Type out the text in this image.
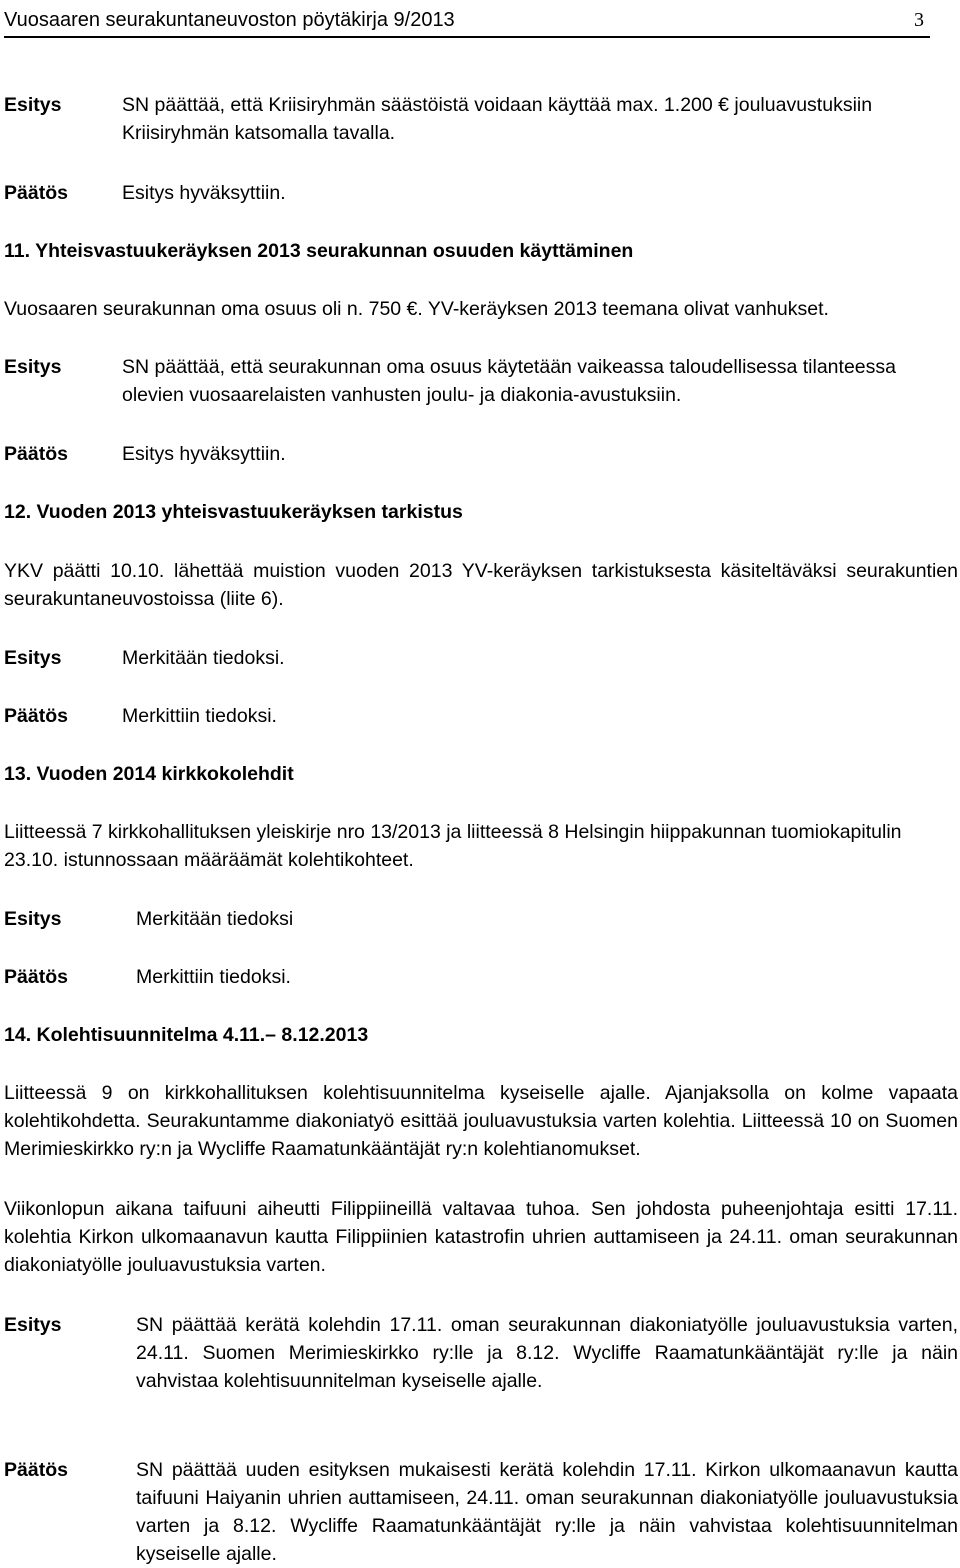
Vuosaaren seurakuntaneuvoston pöytäkirja 9/2013	3
Esitys	SN päättää, että Kriisiryhmän säästöistä voidaan käyttää max. 1.200 € jouluavustuksiin Kriisiryhmän katsomalla tavalla.
Päätös	Esitys hyväksyttiin.
11. Yhteisvastuukeräyksen 2013 seurakunnan osuuden käyttäminen
Vuosaaren seurakunnan oma osuus oli n. 750 €. YV-keräyksen 2013 teemana olivat vanhukset.
Esitys	SN päättää, että seurakunnan oma osuus käytetään vaikeassa taloudellisessa tilanteessa olevien vuosaarelaisten vanhusten joulu- ja diakonia-avustuksiin.
Päätös	Esitys hyväksyttiin.
12. Vuoden 2013 yhteisvastuukeräyksen tarkistus
YKV päätti 10.10. lähettää muistion vuoden 2013 YV-keräyksen tarkistuksesta käsiteltäväksi seurakuntien seurakuntaneuvostoissa (liite 6).
Esitys	Merkitään tiedoksi.
Päätös	Merkittiin tiedoksi.
13. Vuoden 2014 kirkkokolehdit
Liitteessä 7 kirkkohallituksen yleiskirje nro 13/2013 ja liitteessä 8 Helsingin hiippakunnan tuomiokapitulin 23.10. istunnossaan määräämät kolehtikohteet.
Esitys	Merkitään tiedoksi
Päätös	Merkittiin tiedoksi.
14. Kolehtisuunnitelma 4.11.– 8.12.2013
Liitteessä 9 on kirkkohallituksen kolehtisuunnitelma kyseiselle ajalle. Ajanjaksolla on kolme vapaata kolehtikohdetta. Seurakuntamme diakoniatyö esittää jouluavustuksia varten kolehtia. Liitteessä 10 on Suomen Merimieskirkko ry:n ja Wycliffe Raamatunkääntäjät ry:n kolehtianomukset.
Viikonlopun aikana taifuuni aiheutti Filippiineillä valtavaa tuhoa. Sen johdosta puheenjohtaja esitti 17.11. kolehtia Kirkon ulkomaanavun kautta Filippiinien katastrofin uhrien auttamiseen ja 24.11. oman seurakunnan diakoniatyölle jouluavustuksia varten.
Esitys	SN päättää kerätä kolehdin 17.11. oman seurakunnan diakoniatyölle jouluavustuksia varten, 24.11. Suomen Merimieskirkko ry:lle ja 8.12. Wycliffe Raamatunkääntäjät ry:lle ja näin vahvistaa kolehtisuunnitelman kyseiselle ajalle.
Päätös	SN päättää uuden esityksen mukaisesti kerätä kolehdin 17.11. Kirkon ulkomaanavun kautta taifuuni Haiyanin uhrien auttamiseen, 24.11. oman seurakunnan diakoniatyölle jouluavustuksia varten ja 8.12. Wycliffe Raamatunkääntäjät ry:lle ja näin vahvistaa kolehtisuunnitelman kyseiselle ajalle.
